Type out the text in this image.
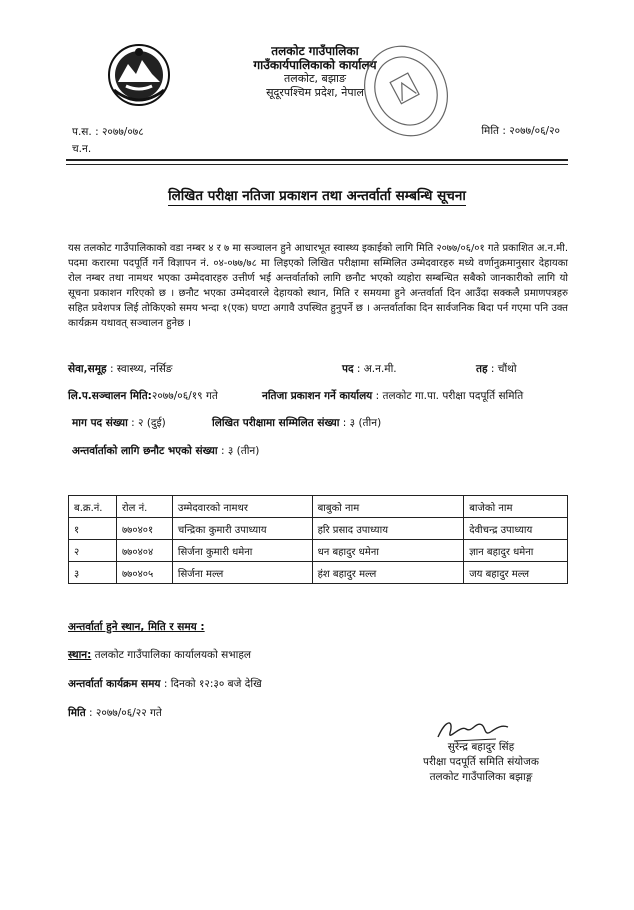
तलकोट गाउँपालिका
गाउँकार्यपालिकाको कार्यालय
तलकोट, बझाङ
सूदूरपश्चिम प्रदेश, नेपाल
प.स. : २०७७/०७८
च.न.
मिति : २०७७/०६/२०
लिखित परीक्षा नतिजा प्रकाशन तथा अन्तर्वार्ता सम्बन्धि सूचना
यस तलकोट गाउँपालिकाको वडा नम्बर ४ र ७ मा सञ्चालन हुने आधारभूत स्वास्थ्य इकाईको लागि मिति २०७७/०६/०१ गते प्रकाशित अ.न.मी. पदमा करारमा पदपूर्ति गर्ने विज्ञापन नं. ०४-०७७/७८ मा लिइएको लिखित परीक्षामा सम्मिलित उम्मेदवारहरु मध्ये वर्णानुक्रमानुसार देहायका रोल नम्बर तथा नामथर भएका उम्मेदवारहरु उत्तीर्ण भई अन्तर्वार्ताको लागि छनौट भएको व्यहोरा सम्बन्धित सबैको जानकारीको लागि यो सूचना प्रकाशन गरिएको छ । छनौट भएका उम्मेदवारले देहायको स्थान, मिति र समयमा हुने अन्तर्वार्ता दिन आउँदा सक्कलै प्रमाणपत्रहरु सहित प्रवेशपत्र लिई तोकिएको समय भन्दा १(एक) घण्टा अगावै उपस्थित हुनुपर्ने छ । अन्तर्वार्ताका दिन सार्वजनिक बिदा पर्न गएमा पनि उक्त कार्यक्रम यथावत् सञ्चालन हुनेछ ।
सेवा,समूह : स्वास्थ्य, नर्सिङ	पद : अ.न.मी.	तह : चौंथो
लि.प.सञ्चालन मिति:२०७७/०६/१९ गते	नतिजा प्रकाशन गर्ने कार्यालय : तलकोट गा.पा. परीक्षा पदपूर्ति समिति
माग पद संख्या : २ (दुई)	लिखित परीक्षामा सम्मिलित संख्या : ३ (तीन)
अन्तर्वार्ताको लागि छनौट भएको संख्या : ३ (तीन)
ब.क्र.नं.	रोल नं.	उम्मेदवारको नामथर	बाबुको नाम	बाजेको नाम
१	७७०४०१	चन्द्रिका कुमारी उपाध्याय	हरि प्रसाद उपाध्याय	देवीचन्द्र उपाध्याय
२	७७०४०४	सिर्जना कुमारी धमेना	धन बहादुर धमेना	ज्ञान बहादुर धमेना
३	७७०४०५	सिर्जना मल्ल	हंश बहादुर मल्ल	जय बहादुर मल्ल
अन्तर्वार्ता हुने स्थान, मिति र समय :
स्थान: तलकोट गाउँपालिका कार्यालयको सभाहल
अन्तर्वार्ता कार्यक्रम समय : दिनको १२:३० बजे देखि
मिति : २०७७/०६/२२ गते
सुरेन्द्र बहादुर सिंह
परीक्षा पदपूर्ति समिति संयोजक
तलकोट गाउँपालिका बझाङ्ग
